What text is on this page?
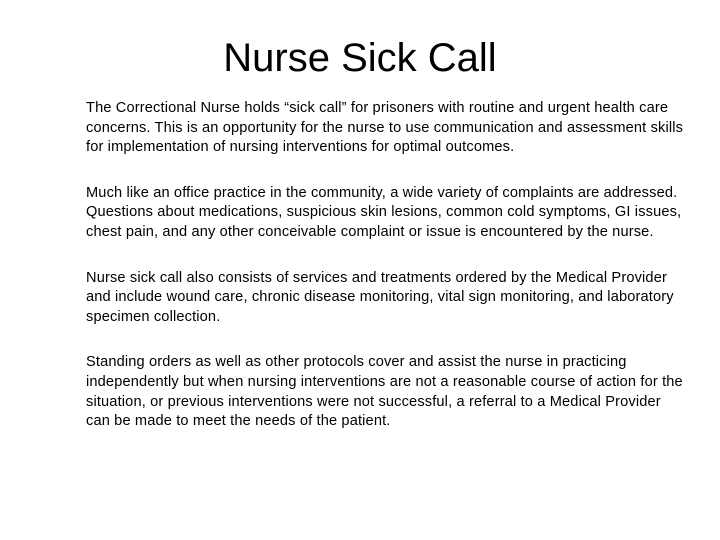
Nurse Sick Call

The Correctional Nurse holds “sick call” for prisoners with routine and urgent health care concerns. This is an opportunity for the nurse to use communication and assessment skills for implementation of nursing interventions for optimal outcomes.

Much like an office practice in the community, a wide variety of complaints are addressed. Questions about medications, suspicious skin lesions, common cold symptoms, GI issues, chest pain, and any other conceivable complaint or issue is encountered by the nurse.

Nurse sick call also consists of services and treatments ordered by the Medical Provider and include wound care, chronic disease monitoring, vital sign monitoring, and laboratory specimen collection.

Standing orders as well as other protocols cover and assist the nurse in practicing independently but when nursing interventions are not a reasonable course of action for the situation, or previous interventions were not successful, a referral to a Medical Provider can be made to meet the needs of the patient.
